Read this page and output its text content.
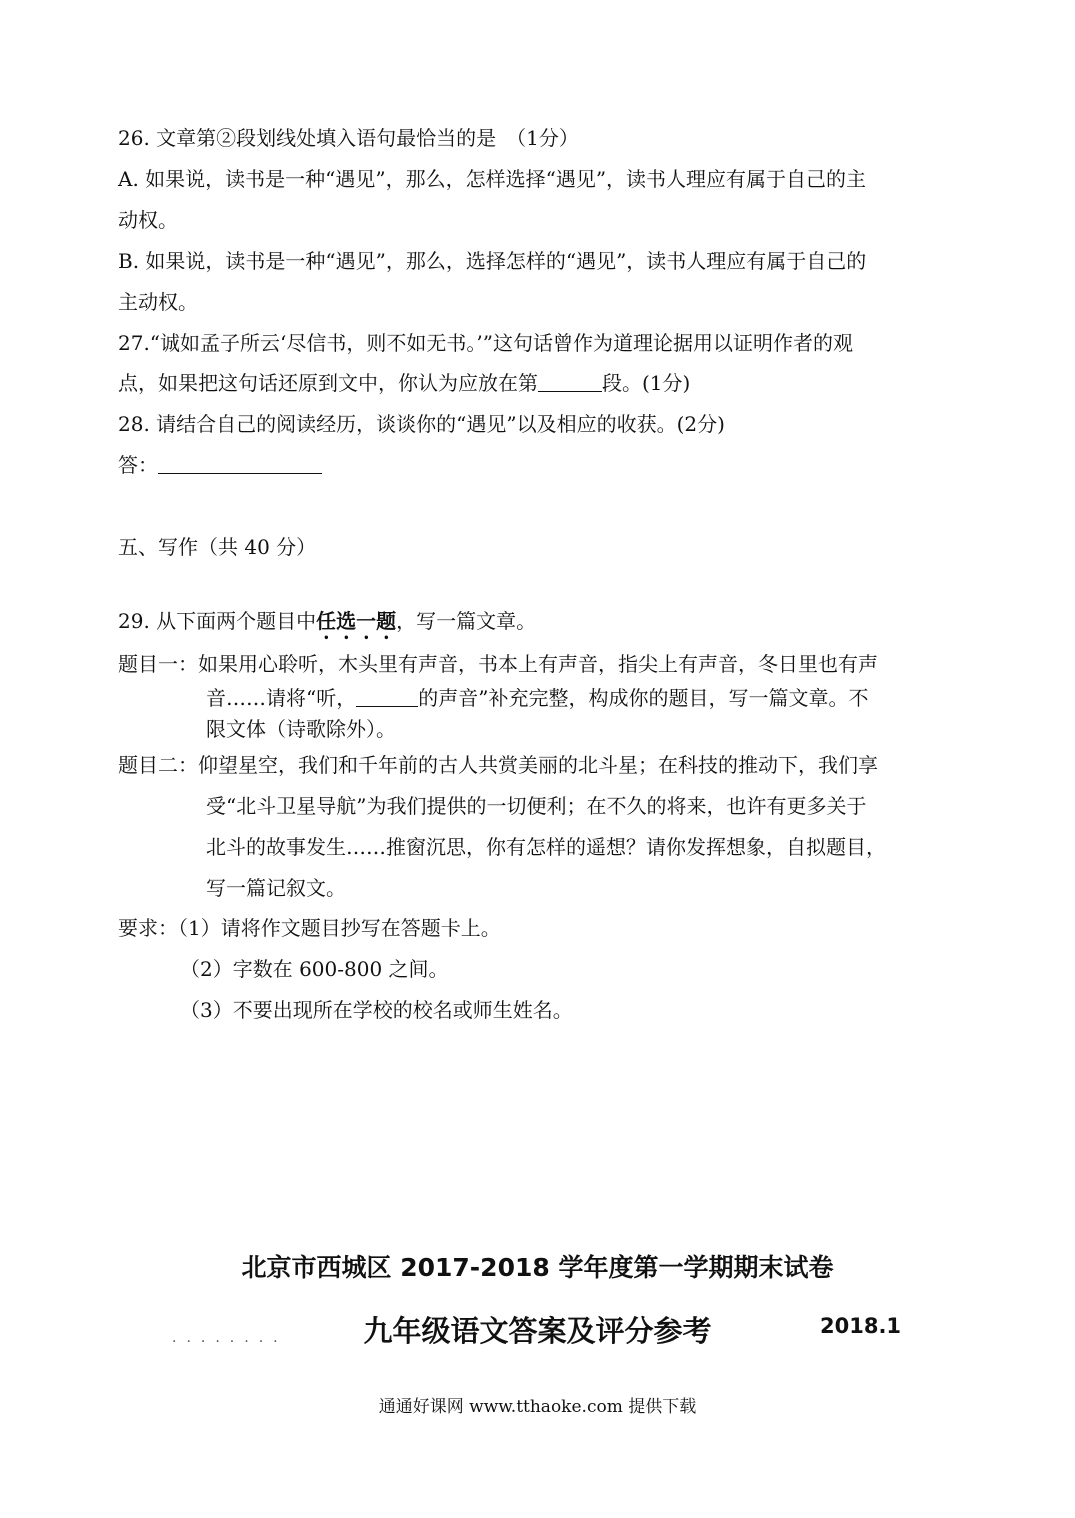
26. 文章第②段划线处填入语句最恰当的是　（1分）
A. 如果说，读书是一种“遇见”，那么，怎样选择“遇见”，读书人理应有属于自己的主
动权。
B. 如果说，读书是一种“遇见”，那么，选择怎样的“遇见”，读书人理应有属于自己的
主动权。
27.“诚如孟子所云‘尽信书，则不如无书。’”这句话曾作为道理论据用以证明作者的观
点，如果把这句话还原到文中，你认为应放在第	段。(1分)
28. 请结合自己的阅读经历，谈谈你的“遇见”以及相应的收获。(2分)
答：
五、写作（共 40 分）
29. 从下面两个题目中任选一题，写一篇文章。
题目一：如果用心聆听，木头里有声音，书本上有声音，指尖上有声音，冬日里也有声
音……请将“听，	的声音”补充完整，构成你的题目，写一篇文章。不
限文体（诗歌除外）。
题目二：仰望星空，我们和千年前的古人共赏美丽的北斗星；在科技的推动下，我们享
受“北斗卫星导航”为我们提供的一切便利；在不久的将来，也许有更多关于
北斗的故事发生……推窗沉思，你有怎样的遥想？请你发挥想象，自拟题目，
写一篇记叙文。
要求：（1）请将作文题目抄写在答题卡上。
（2）字数在 600-800 之间。
（3）不要出现所在学校的校名或师生姓名。
北京市西城区 2017-2018 学年度第一学期期末试卷
........	九年级语文答案及评分参考	2018.1
通通好课网 www.tthaoke.com 提供下载
